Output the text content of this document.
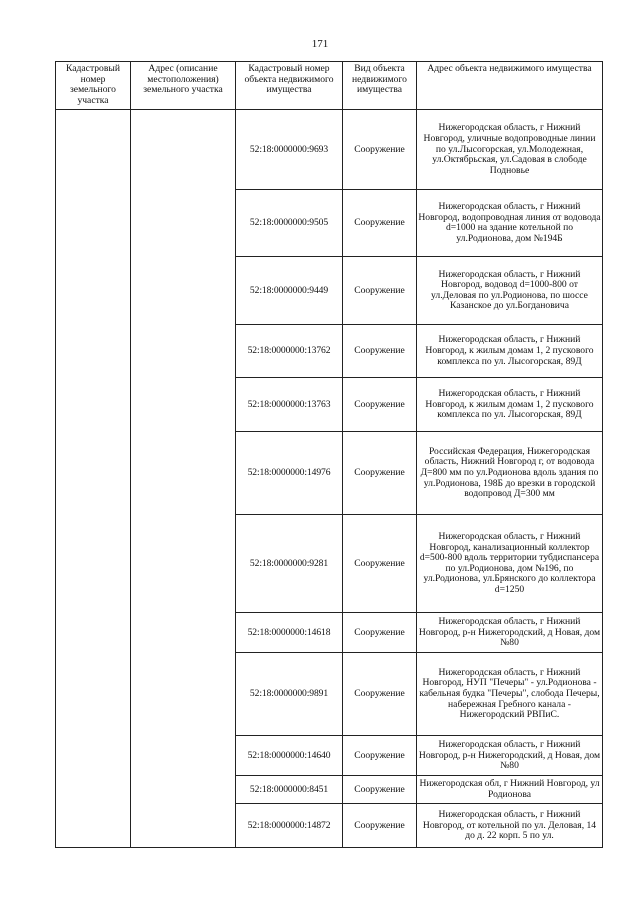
171
Кадастровый номер земельного участка	Адрес (описание местоположения) земельного участка	Кадастровый номер объекта недвижимого имущества	Вид объекта недвижимого имущества	Адрес объекта недвижимого имущества
		52:18:0000000:9693	Сооружение	Нижегородская область, г Нижний Новгород, уличные водопроводные линии по ул.Лысогорская, ул.Молодежная, ул.Октябрьская, ул.Садовая в слободе Подновье
		52:18:0000000:9505	Сооружение	Нижегородская область, г Нижний Новгород, водопроводная линия от водовода d=1000 на здание котельной по ул.Родионова, дом №194Б
		52:18:0000000:9449	Сооружение	Нижегородская область, г Нижний Новгород, водовод d=1000-800 от ул.Деловая по ул.Родионова, по шоссе Казанское до ул.Богдановича
		52:18:0000000:13762	Сооружение	Нижегородская область, г Нижний Новгород, к жилым домам 1, 2 пускового комплекса по ул. Лысогорская, 89Д
		52:18:0000000:13763	Сооружение	Нижегородская область, г Нижний Новгород, к жилым домам 1, 2 пускового комплекса по ул. Лысогорская, 89Д
		52:18:0000000:14976	Сооружение	Российская Федерация, Нижегородская область, Нижний Новгород г, от водовода Д=800 мм по ул.Родионова вдоль здания по ул.Родионова, 198Б до врезки в городской водопровод Д=300 мм
		52:18:0000000:9281	Сооружение	Нижегородская область, г Нижний Новгород, канализационный коллектор d=500-800 вдоль территории тубдиспансера по ул.Родионова, дом №196, по ул.Родионова, ул.Брянского до коллектора d=1250
		52:18:0000000:14618	Сооружение	Нижегородская область, г Нижний Новгород, р-н Нижегородский, д Новая, дом №80
		52:18:0000000:9891	Сооружение	Нижегородская область, г Нижний Новгород, НУП "Печеры" - ул.Родионова - кабельная будка "Печеры", слобода Печеры, набережная Гребного канала - Нижегородский РВПиС.
		52:18:0000000:14640	Сооружение	Нижегородская область, г Нижний Новгород, р-н Нижегородский, д Новая, дом №80
		52:18:0000000:8451	Сооружение	Нижегородская обл, г Нижний Новгород, ул Родионова
		52:18:0000000:14872	Сооружение	Нижегородская область, г Нижний Новгород, от котельной по ул. Деловая, 14 до д. 22 корп. 5 по ул.
